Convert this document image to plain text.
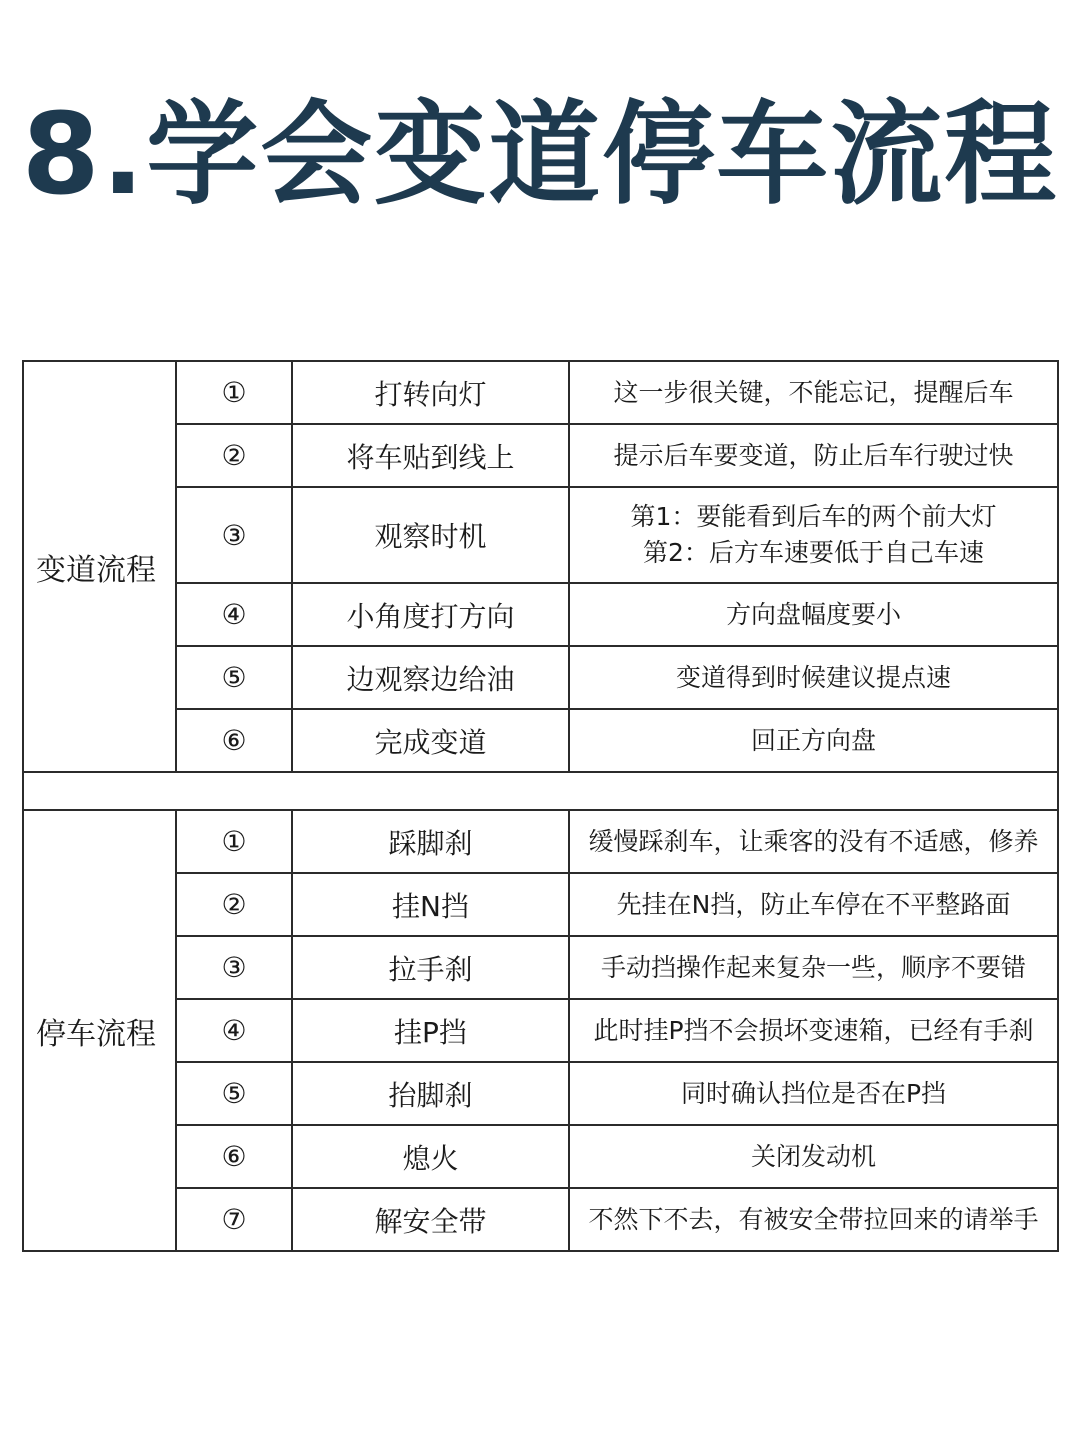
8.学会变道停车流程
变道流程	①	打转向灯	这一步很关键，不能忘记，提醒后车

	②	将车贴到线上	提示后车要变道，防止后车行驶过快

	③	观察时机	第1：要能看到后车的两个前大灯
第2：后方车速要低于自己车速

	④	小角度打方向	方向盘幅度要小

	⑤	边观察边给油	变道得到时候建议提点速

	⑥	完成变道	回正方向盘

停车流程	①	踩脚刹	缓慢踩刹车，让乘客的没有不适感，修养

	②	挂N挡	先挂在N挡，防止车停在不平整路面

	③	拉手刹	手动挡操作起来复杂一些，顺序不要错

	④	挂P挡	此时挂P挡不会损坏变速箱，已经有手刹

	⑤	抬脚刹	同时确认挡位是否在P挡

	⑥	熄火	关闭发动机

	⑦	解安全带	不然下不去，有被安全带拉回来的请举手
